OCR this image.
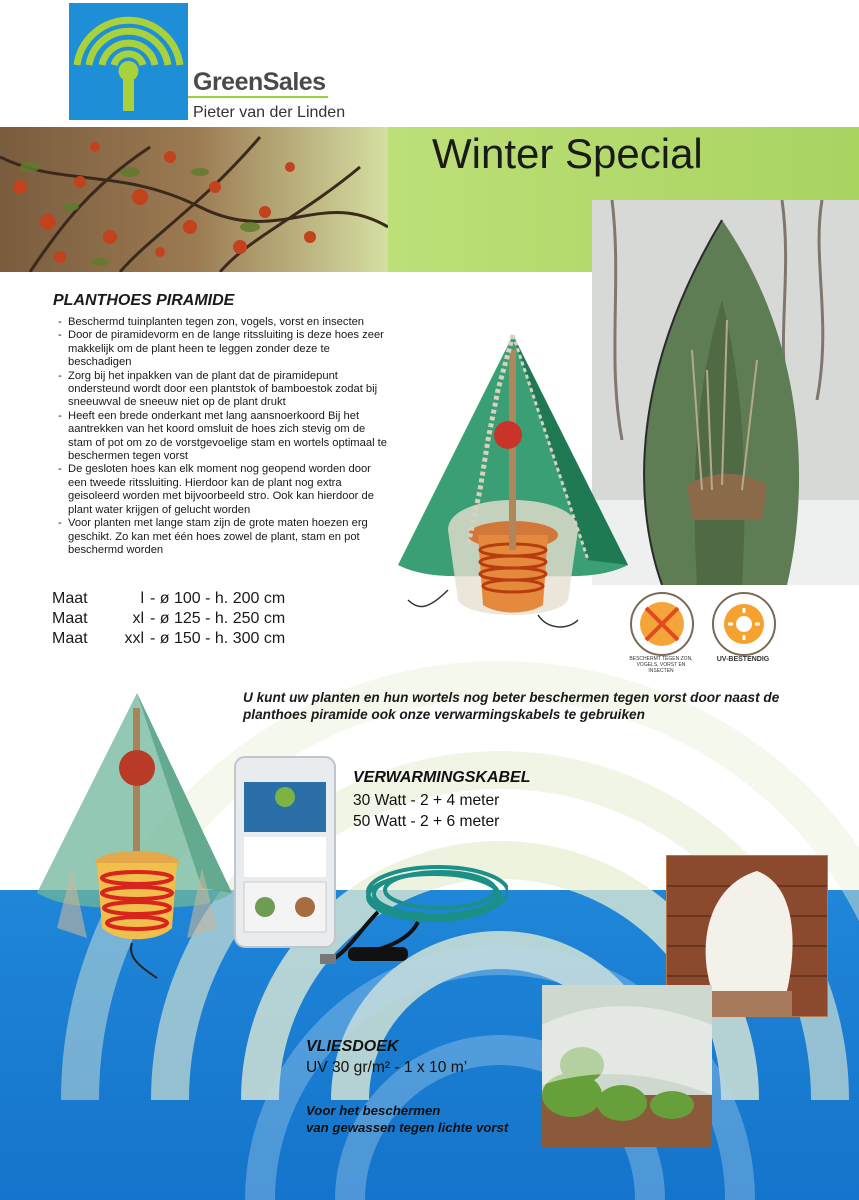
GreenSales
Pieter van der Linden
Winter Special
PLANTHOES PIRAMIDE

- Beschermd tuinplanten tegen zon, vogels, vorst en insecten

- Door de piramidevorm en de lange ritssluiting is deze hoes zeer makkelijk om de plant heen te leggen zonder deze te beschadigen

- Zorg bij het inpakken van de plant dat de piramidepunt ondersteund wordt door een plantstok of bamboestok zodat bij sneeuwval de sneeuw niet op de plant drukt

- Heeft een brede onderkant met lang aansnoerkoord Bij het aantrekken van het koord omsluit de hoes zich stevig om de stam of pot om zo de vorstgevoelige stam en wortels optimaal te beschermen tegen vorst

- De gesloten hoes kan elk moment nog geopend worden door een tweede ritssluiting. Hierdoor kan de plant nog extra geisoleerd worden met bijvoorbeeld stro. Ook kan hierdoor de plant water krijgen of gelucht worden

- Voor planten met lange stam zijn de grote maten hoezen erg geschikt. Zo kan met één hoes zowel de plant, stam en pot beschermd worden

Maat	l - ø 100 - h. 200 cm
Maat	xl - ø 125 - h. 250 cm
Maat xxl - ø 150 - h. 300 cm
BESCHERMT TEGEN ZON, VOGELS, VORST EN INSECTEN
UV-BESTENDIG
U kunt uw planten en hun wortels nog beter beschermen tegen vorst door naast de planthoes piramide ook onze verwarmingskabels te gebruiken
VERWARMINGSKABEL
30 Watt - 2 + 4 meter
50 Watt - 2 + 6 meter
VLIESDOEK
UV 30 gr/m² - 1 x 10 m’
Voor het beschermen
van gewassen tegen lichte vorst
